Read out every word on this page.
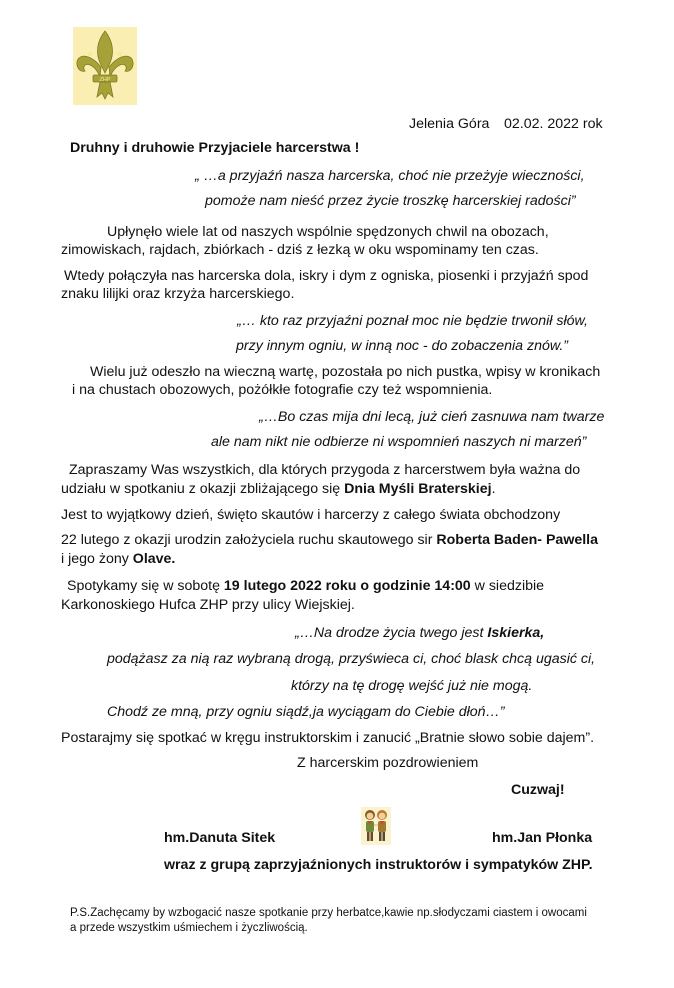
ZHP
Jelenia Góra 02.02. 2022 rok
Druhny i druhowie Przyjaciele harcerstwa !
„ …a przyjaźń nasza harcerska, choć nie przeżyje wieczności,
pomoże nam nieść przez życie troszkę harcerskiej radości”
Upłynęło wiele lat od naszych wspólnie spędzonych chwil na obozach,
zimowiskach, rajdach, zbiórkach - dziś z łezką w oku wspominamy ten czas.
Wtedy połączyła nas harcerska dola, iskry i dym z ogniska, piosenki i przyjaźń spod
znaku lilijki oraz krzyża harcerskiego.
„… kto raz przyjaźni poznał moc nie będzie trwonił słów,
przy innym ogniu, w inną noc - do zobaczenia znów.”
Wielu już odeszło na wieczną wartę, pozostała po nich pustka, wpisy w kronikach
i na chustach obozowych, pożółkłe fotografie czy też wspomnienia.
„…Bo czas mija dni lecą, już cień zasnuwa nam twarze
ale nam nikt nie odbierze ni wspomnień naszych ni marzeń”
Zapraszamy Was wszystkich, dla których przygoda z harcerstwem była ważna do
udziału w spotkaniu z okazji zbliżającego się Dnia Myśli Braterskiej.
Jest to wyjątkowy dzień, święto skautów i harcerzy z całego świata obchodzony
22 lutego z okazji urodzin założyciela ruchu skautowego sir Roberta Baden- Pawella
i jego żony Olave.
Spotykamy się w sobotę 19 lutego 2022 roku o godzinie 14:00 w siedzibie
Karkonoskiego Hufca ZHP przy ulicy Wiejskiej.
„…Na drodze życia twego jest Iskierka,
podążasz za nią raz wybraną drogą, przyświeca ci, choć blask chcą ugasić ci,
którzy na tę drogę wejść już nie mogą.
Chodź ze mną, przy ogniu siądź,ja wyciągam do Ciebie dłoń…”
Postarajmy się spotkać w kręgu instruktorskim i zanucić „Bratnie słowo sobie dajem”.
Z harcerskim pozdrowieniem
Cuzwaj!
hm.Danuta Sitek	hm.Jan Płonka
wraz z grupą zaprzyjaźnionych instruktorów i sympatyków ZHP.
P.S.Zachęcamy by wzbogacić nasze spotkanie przy herbatce,kawie np.słodyczami ciastem i owocami
a przede wszystkim uśmiechem i życzliwością.
